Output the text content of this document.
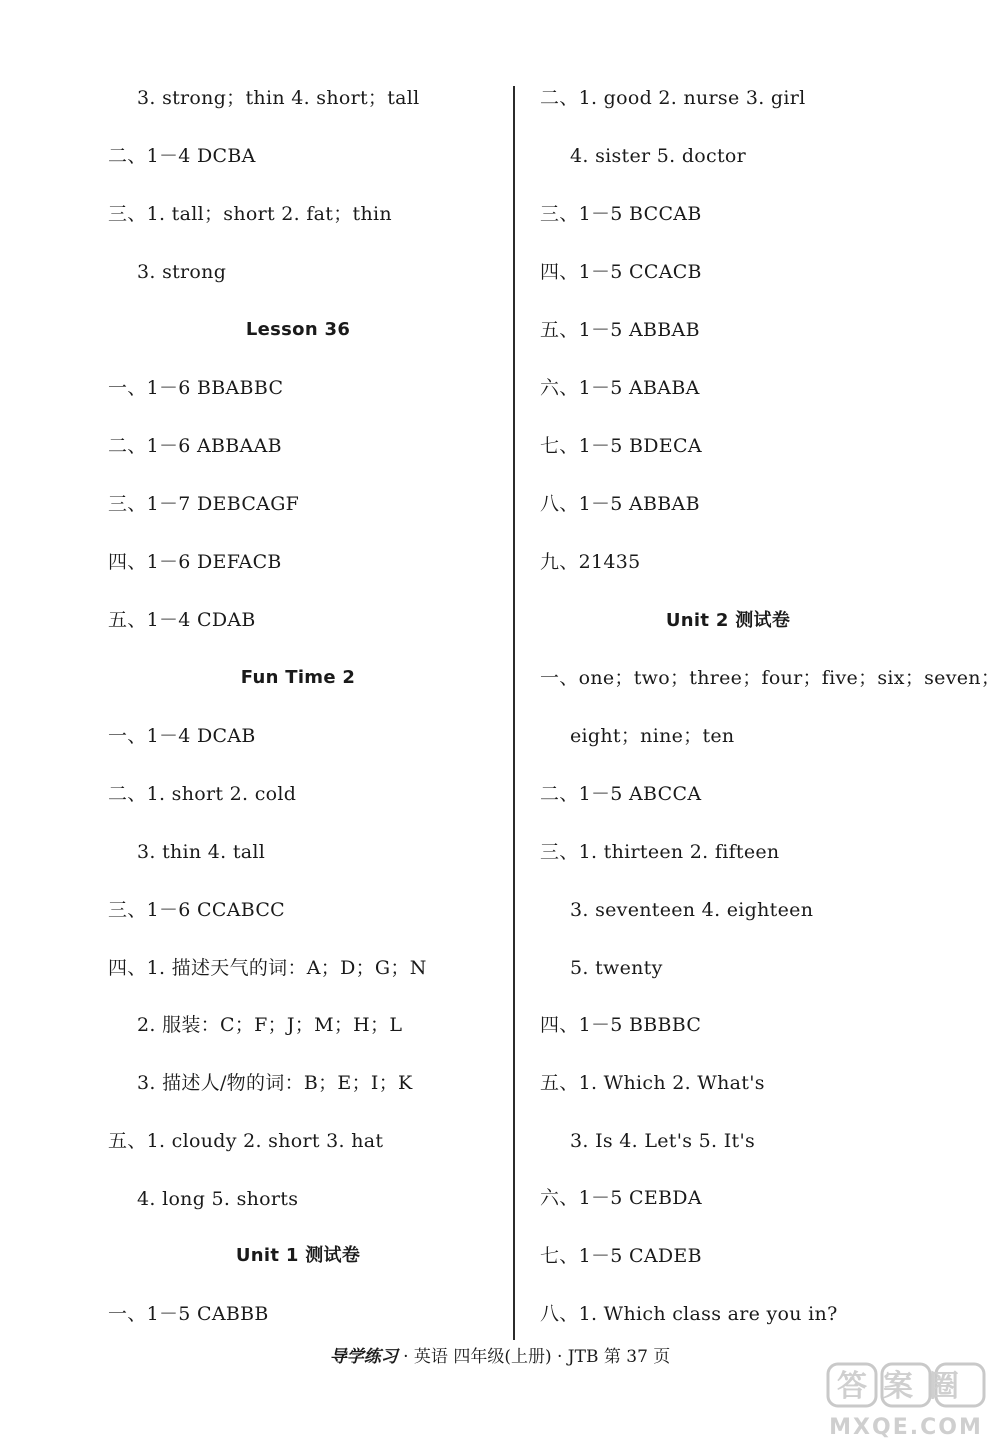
3. strong；thin 4. short；tall
二、1－4 DCBA
三、1. tall；short 2. fat；thin
3. strong
Lesson 36
一、1－6 BBABBC
二、1－6 ABBAAB
三、1－7 DEBCAGF
四、1－6 DEFACB
五、1－4 CDAB
Fun Time 2
一、1－4 DCAB
二、1. short 2. cold
3. thin 4. tall
三、1－6 CCABCC
四、1. 描述天气的词：A；D；G；N
2. 服装：C；F；J；M；H；L
3. 描述人/物的词：B；E；I；K
五、1. cloudy 2. short 3. hat
4. long 5. shorts
Unit 1 测试卷
一、1－5 CABBB
二、1. good 2. nurse 3. girl
4. sister 5. doctor
三、1－5 BCCAB
四、1－5 CCACB
五、1－5 ABBAB
六、1－5 ABABA
七、1－5 BDECA
八、1－5 ABBAB
九、21435
Unit 2 测试卷
一、one；two；three；four；five；six；seven；
eight；nine；ten
二、1－5 ABCCA
三、1. thirteen 2. fifteen
3. seventeen 4. eighteen
5. twenty
四、1－5 BBBBC
五、1. Which 2. What's
3. Is 4. Let's 5. It's
六、1－5 CEBDA
七、1－5 CADEB
八、1. Which class are you in?
导学练习 · 英语 四年级(上册) · JTB 第 37 页
答案圈
MXQE.COM
